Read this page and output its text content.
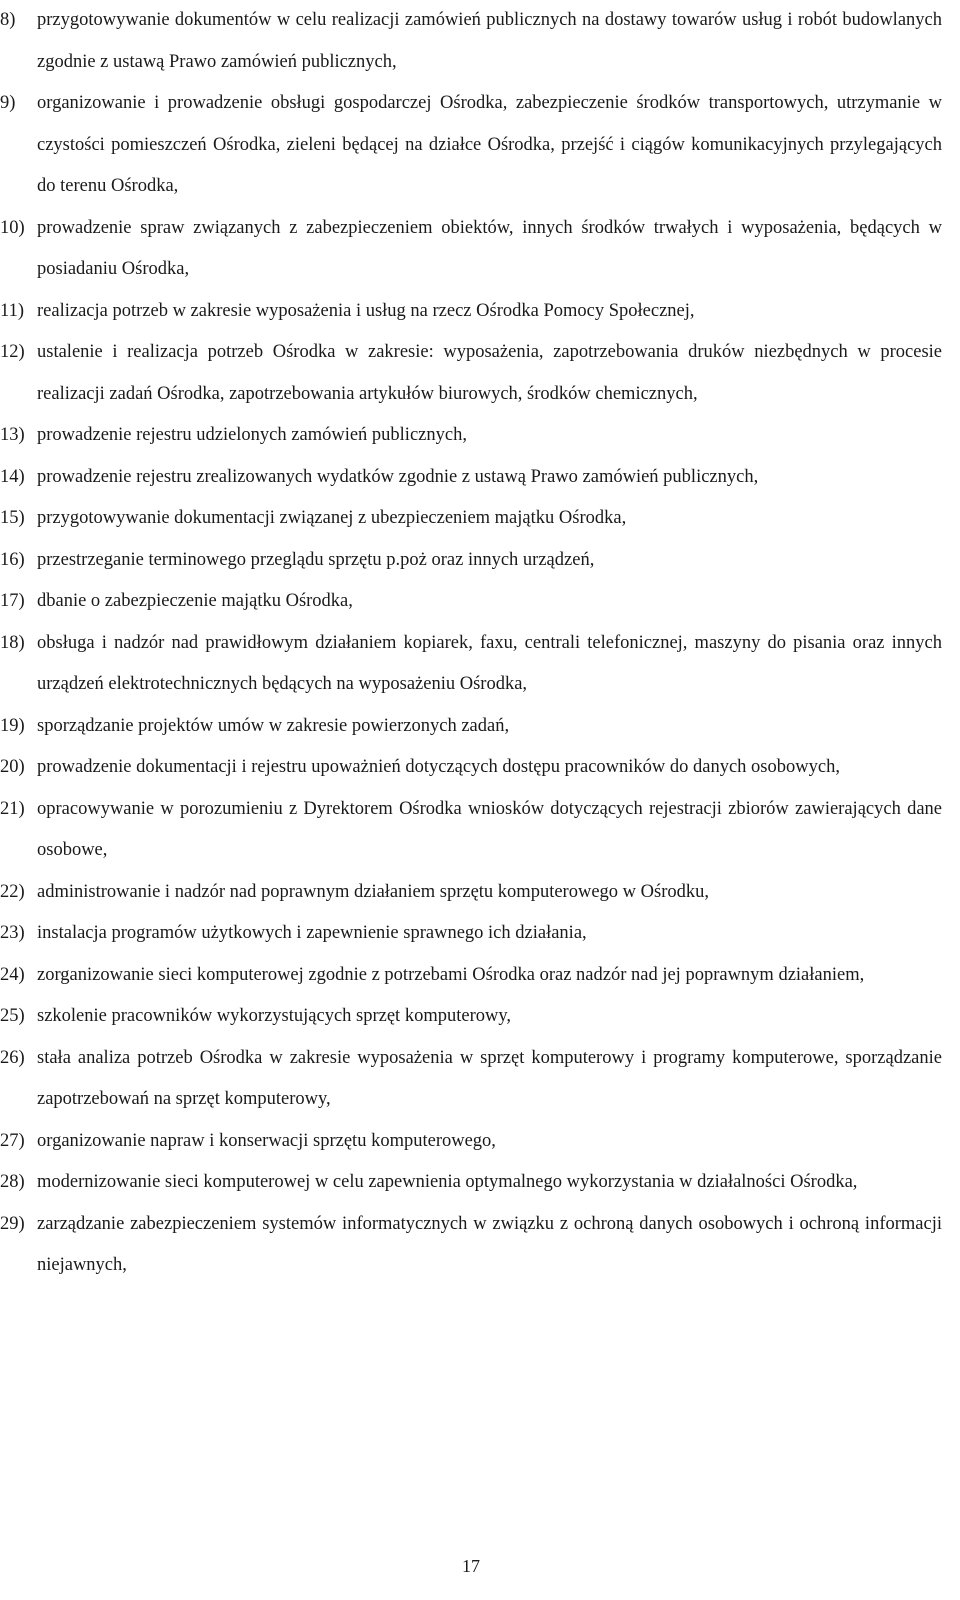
8) przygotowywanie dokumentów w celu realizacji zamówień publicznych na dostawy towarów usług i robót budowlanych zgodnie z ustawą Prawo zamówień publicznych,
9) organizowanie i prowadzenie obsługi gospodarczej Ośrodka, zabezpieczenie środków transportowych, utrzymanie w czystości pomieszczeń Ośrodka, zieleni będącej na działce Ośrodka, przejść i ciągów komunikacyjnych przylegających do terenu Ośrodka,
10) prowadzenie spraw związanych z zabezpieczeniem obiektów, innych środków trwałych i wyposażenia, będących w posiadaniu Ośrodka,
11) realizacja potrzeb w zakresie wyposażenia i usług na rzecz Ośrodka Pomocy Społecznej,
12) ustalenie i realizacja potrzeb Ośrodka w zakresie: wyposażenia, zapotrzebowania druków niezbędnych w procesie realizacji zadań Ośrodka, zapotrzebowania artykułów biurowych, środków chemicznych,
13) prowadzenie rejestru udzielonych zamówień publicznych,
14) prowadzenie rejestru zrealizowanych wydatków zgodnie z ustawą Prawo zamówień publicznych,
15) przygotowywanie dokumentacji związanej z ubezpieczeniem majątku Ośrodka,
16) przestrzeganie terminowego przeglądu sprzętu p.poż oraz innych urządzeń,
17) dbanie o zabezpieczenie majątku Ośrodka,
18) obsługa i nadzór nad prawidłowym działaniem kopiarek, faxu, centrali telefonicznej, maszyny do pisania oraz innych urządzeń elektrotechnicznych będących na wyposażeniu Ośrodka,
19) sporządzanie projektów umów w zakresie powierzonych zadań,
20) prowadzenie dokumentacji i rejestru upoważnień dotyczących dostępu pracowników do danych osobowych,
21) opracowywanie w porozumieniu z Dyrektorem Ośrodka wniosków dotyczących rejestracji zbiorów zawierających dane osobowe,
22) administrowanie i nadzór nad poprawnym działaniem sprzętu komputerowego w Ośrodku,
23) instalacja programów użytkowych i zapewnienie sprawnego ich działania,
24) zorganizowanie sieci komputerowej zgodnie z potrzebami Ośrodka oraz nadzór nad jej poprawnym działaniem,
25) szkolenie pracowników wykorzystujących sprzęt komputerowy,
26) stała analiza potrzeb Ośrodka w zakresie wyposażenia w sprzęt komputerowy i programy komputerowe, sporządzanie zapotrzebowań na sprzęt komputerowy,
27) organizowanie napraw i konserwacji sprzętu komputerowego,
28) modernizowanie sieci komputerowej w celu zapewnienia optymalnego wykorzystania w działalności Ośrodka,
29) zarządzanie zabezpieczeniem systemów informatycznych w związku z ochroną danych osobowych i ochroną informacji niejawnych,
17
